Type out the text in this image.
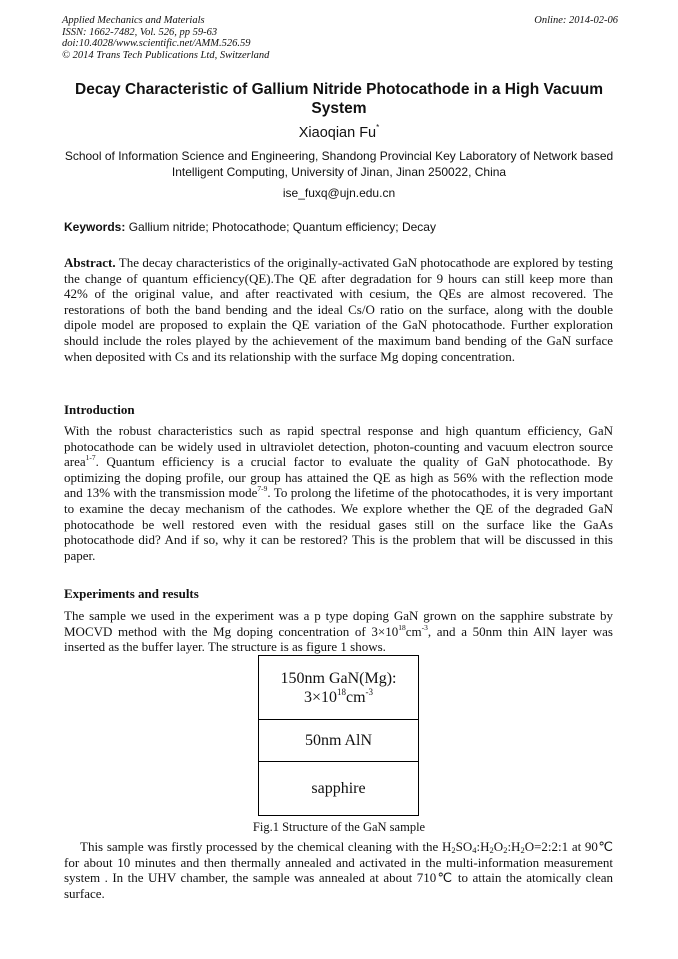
Applied Mechanics and Materials	Online: 2014-02-06
ISSN: 1662-7482, Vol. 526, pp 59-63
doi:10.4028/www.scientific.net/AMM.526.59
© 2014 Trans Tech Publications Ltd, Switzerland
Decay Characteristic of Gallium Nitride Photocathode in a High Vacuum System
Xiaoqian Fu*
School of Information Science and Engineering, Shandong Provincial Key Laboratory of Network based Intelligent Computing, University of Jinan, Jinan 250022, China
ise_fuxq@ujn.edu.cn
Keywords: Gallium nitride; Photocathode; Quantum efficiency; Decay
Abstract. The decay characteristics of the originally-activated GaN photocathode are explored by testing the change of quantum efficiency(QE).The QE after degradation for 9 hours can still keep more than 42% of the original value, and after reactivated with cesium, the QEs are almost recovered. The restorations of both the band bending and the ideal Cs/O ratio on the surface, along with the double dipole model are proposed to explain the QE variation of the GaN photocathode. Further exploration should include the roles played by the achievement of the maximum band bending of the GaN surface when deposited with Cs and its relationship with the surface Mg doping concentration.
Introduction
With the robust characteristics such as rapid spectral response and high quantum efficiency, GaN photocathode can be widely used in ultraviolet detection, photon-counting and vacuum electron source area$^{1-7}$. Quantum efficiency is a crucial factor to evaluate the quality of GaN photocathode. By optimizing the doping profile, our group has attained the QE as high as 56% with the reflection mode and 13% with the transmission mode$^{7-9}$. To prolong the lifetime of the photocathodes, it is very important to examine the decay mechanism of the cathodes. We explore whether the QE of the degraded GaN photocathode be well restored even with the residual gases still on the surface like the GaAs photocathode did? And if so, why it can be restored? This is the problem that will be discussed in this paper.
Experiments and results
The sample we used in the experiment was a p type doping GaN grown on the sapphire substrate by MOCVD method with the Mg doping concentration of $3\times 10^{18}cm^{-3}$, and a 50nm thin AlN layer was inserted as the buffer layer. The structure is as figure 1 shows.
150nm GaN(Mg):
$3\times 10^{18}cm^{-3}$
50nm AlN
sapphire
Fig.1 Structure of the GaN sample
This sample was firstly processed by the chemical cleaning with the $H_2SO_4:H_2O_2:H_2O=2:2:1$ at 90℃ for about 10 minutes and then thermally annealed and activated in the multi-information measurement system . In the UHV chamber, the sample was annealed at about 710℃ to attain the atomically clean surface.
